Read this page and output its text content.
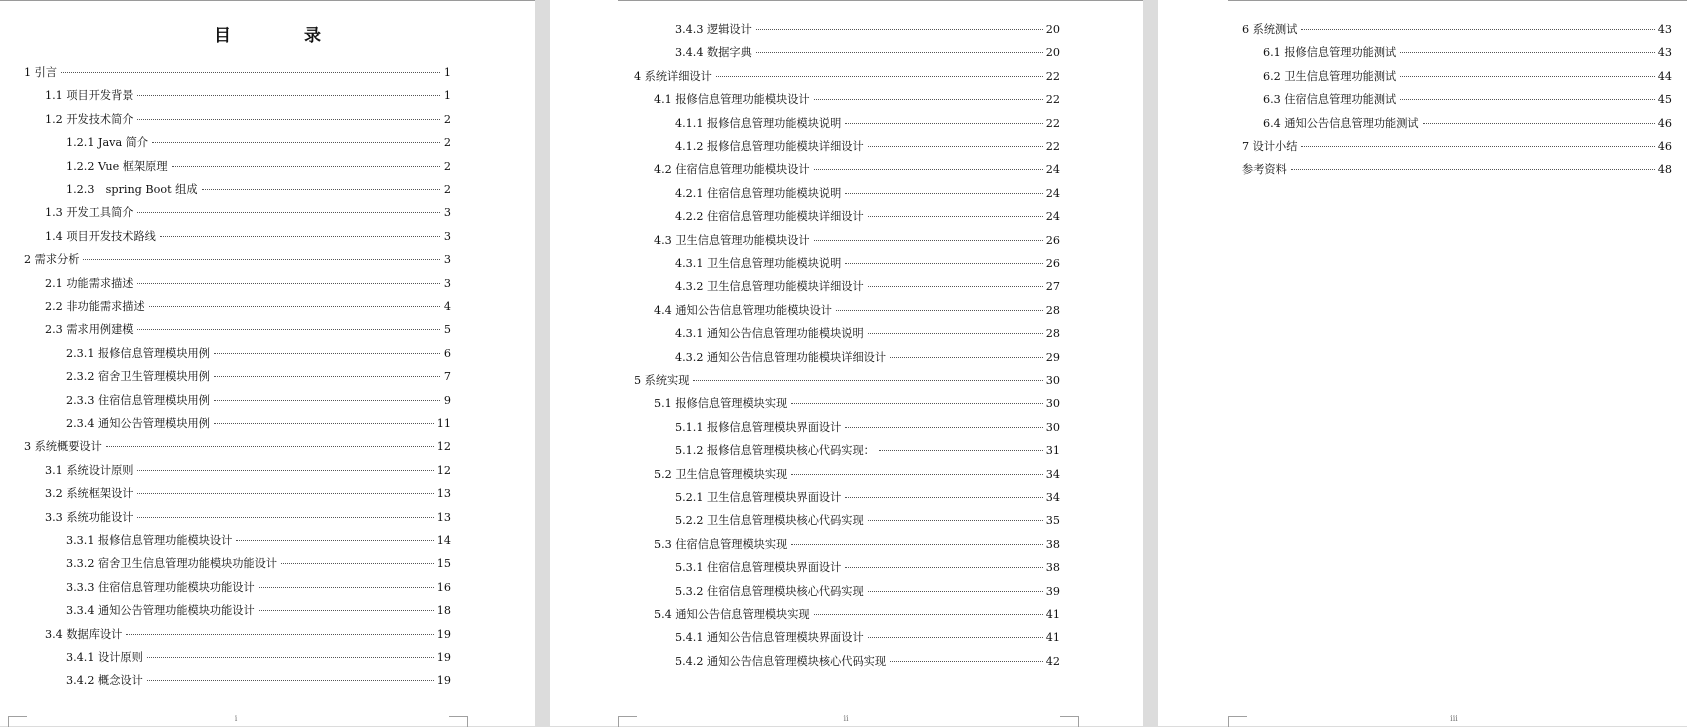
目　录
1 引言	1
1.1 项目开发背景	1
1.2 开发技术简介	2
1.2.1 Java 简介	2
1.2.2 Vue 框架原理	2
1.2.3　spring Boot 组成	2
1.3 开发工具简介	3
1.4 项目开发技术路线	3
2 需求分析	3
2.1 功能需求描述	3
2.2 非功能需求描述	4
2.3 需求用例建模	5
2.3.1 报修信息管理模块用例	6
2.3.2 宿舍卫生管理模块用例	7
2.3.3 住宿信息管理模块用例	9
2.3.4 通知公告管理模块用例	11
3 系统概要设计	12
3.1 系统设计原则	12
3.2 系统框架设计	13
3.3 系统功能设计	13
3.3.1 报修信息管理功能模块设计	14
3.3.2 宿舍卫生信息管理功能模块功能设计	15
3.3.3 住宿信息管理功能模块功能设计	16
3.3.4 通知公告管理功能模块功能设计	18
3.4 数据库设计	19
3.4.1 设计原则	19
3.4.2 概念设计	19
i
3.4.3 逻辑设计	20
3.4.4 数据字典	20
4 系统详细设计	22
4.1 报修信息管理功能模块设计	22
4.1.1 报修信息管理功能模块说明	22
4.1.2 报修信息管理功能模块详细设计	22
4.2 住宿信息管理功能模块设计	24
4.2.1 住宿信息管理功能模块说明	24
4.2.2 住宿信息管理功能模块详细设计	24
4.3 卫生信息管理功能模块设计	26
4.3.1 卫生信息管理功能模块说明	26
4.3.2 卫生信息管理功能模块详细设计	27
4.4 通知公告信息管理功能模块设计	28
4.3.1 通知公告信息管理功能模块说明	28
4.3.2 通知公告信息管理功能模块详细设计	29
5 系统实现	30
5.1 报修信息管理模块实现	30
5.1.1 报修信息管理模块界面设计	30
5.1.2 报修信息管理模块核心代码实现：	31
5.2 卫生信息管理模块实现	34
5.2.1 卫生信息管理模块界面设计	34
5.2.2 卫生信息管理模块核心代码实现	35
5.3 住宿信息管理模块实现	38
5.3.1 住宿信息管理模块界面设计	38
5.3.2 住宿信息管理模块核心代码实现	39
5.4 通知公告信息管理模块实现	41
5.4.1 通知公告信息管理模块界面设计	41
5.4.2 通知公告信息管理模块核心代码实现	42
ii
6 系统测试	43
6.1 报修信息管理功能测试	43
6.2 卫生信息管理功能测试	44
6.3 住宿信息管理功能测试	45
6.4 通知公告信息管理功能测试	46
7 设计小结	46
参考资料	48
iii
